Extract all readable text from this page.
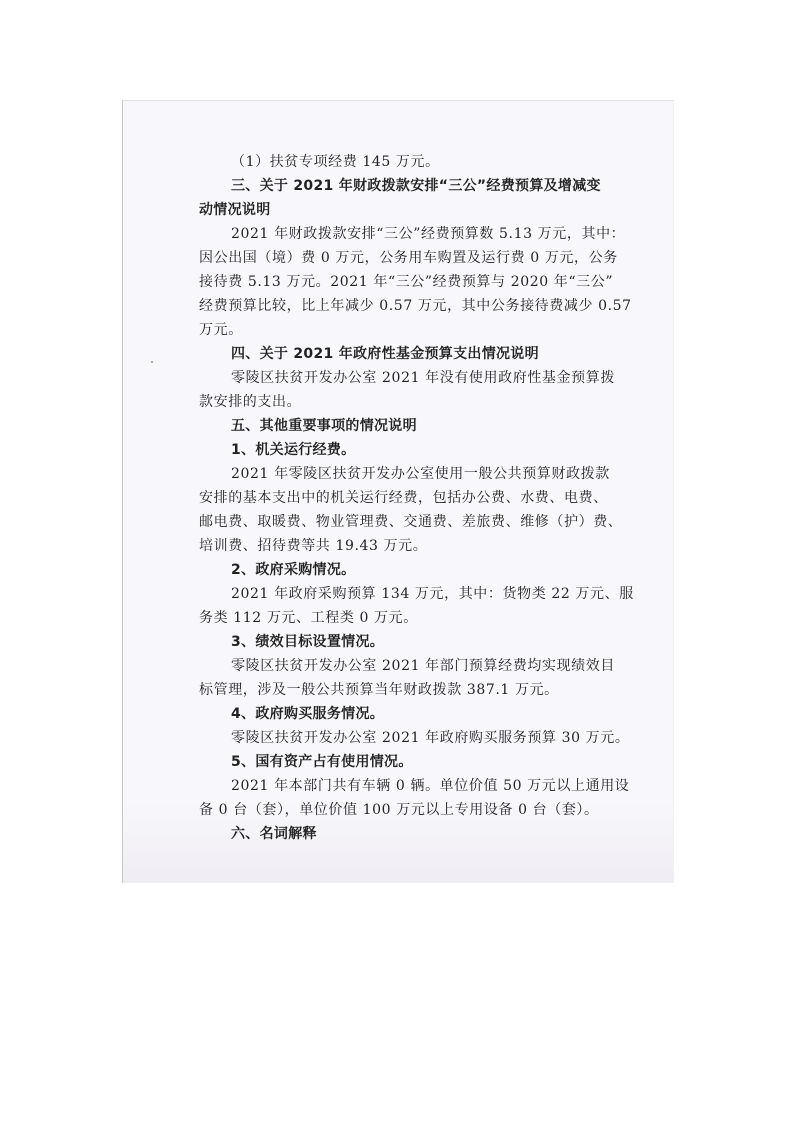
（1）扶贫专项经费 145 万元。
三、关于 2021 年财政拨款安排“三公”经费预算及增减变
动情况说明
2021 年财政拨款安排“三公”经费预算数 5.13 万元，其中：
因公出国（境）费 0 万元，公务用车购置及运行费 0 万元，公务
接待费 5.13 万元。2021 年“三公”经费预算与 2020 年“三公”
经费预算比较，比上年减少 0.57 万元，其中公务接待费减少 0.57
万元。
四、关于 2021 年政府性基金预算支出情况说明
零陵区扶贫开发办公室 2021 年没有使用政府性基金预算拨
款安排的支出。
五、其他重要事项的情况说明
1、机关运行经费。
2021 年零陵区扶贫开发办公室使用一般公共预算财政拨款
安排的基本支出中的机关运行经费，包括办公费、水费、电费、
邮电费、取暖费、物业管理费、交通费、差旅费、维修（护）费、
培训费、招待费等共 19.43 万元。
2、政府采购情况。
2021 年政府采购预算 134 万元，其中：货物类 22 万元、服
务类 112 万元、工程类 0 万元。
3、绩效目标设置情况。
零陵区扶贫开发办公室 2021 年部门预算经费均实现绩效目
标管理，涉及一般公共预算当年财政拨款 387.1 万元。
4、政府购买服务情况。
零陵区扶贫开发办公室 2021 年政府购买服务预算 30 万元。
5、国有资产占有使用情况。
2021 年本部门共有车辆 0 辆。单位价值 50 万元以上通用设
备 0 台（套），单位价值 100 万元以上专用设备 0 台（套）。
六、名词解释
